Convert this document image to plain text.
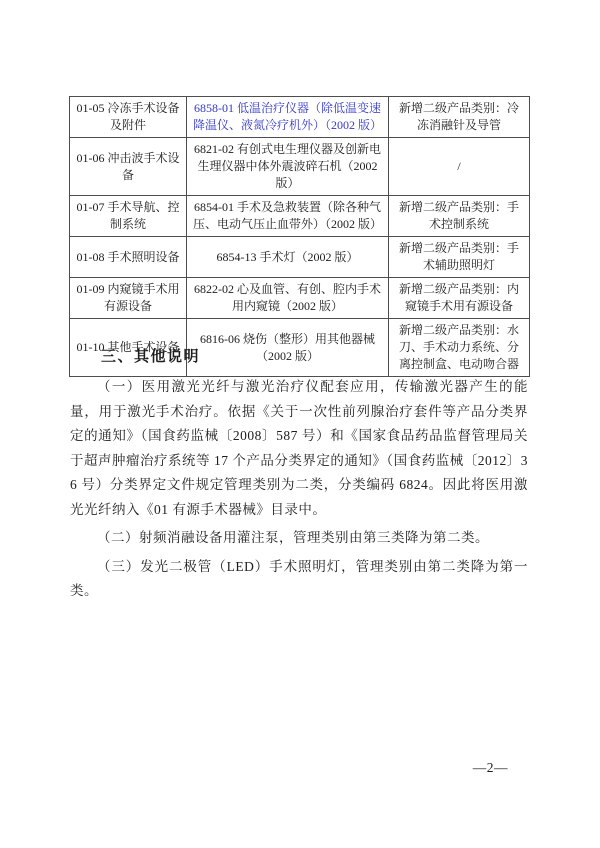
01-05 冷冻手术设备及附件	6858-01 低温治疗仪器（除低温变速降温仪、液氮冷疗机外）（2002 版）	新增二级产品类别：冷冻消融针及导管
01-06 冲击波手术设备	6821-02 有创式电生理仪器及创新电生理仪器中体外震波碎石机（2002 版）	/
01-07 手术导航、控制系统	6854-01 手术及急救装置（除各种气压、电动气压止血带外）（2002 版）	新增二级产品类别：手术控制系统
01-08 手术照明设备	6854-13 手术灯（2002 版）	新增二级产品类别：手术辅助照明灯
01-09 内窥镜手术用有源设备	6822-02 心及血管、有创、腔内手术用内窥镜（2002 版）	新增二级产品类别：内窥镜手术用有源设备
01-10 其他手术设备	6816-06 烧伤（整形）用其他器械（2002 版）	新增二级产品类别：水刀、手术动力系统、分离控制盒、电动吻合器
三、其他说明

（一）医用激光光纤与激光治疗仪配套应用，传输激光器产生的能量，用于激光手术治疗。依据《关于一次性前列腺治疗套件等产品分类界定的通知》（国食药监械〔2008〕587 号）和《国家食品药品监督管理局关于超声肿瘤治疗系统等 17 个产品分类界定的通知》（国食药监械〔2012〕36 号）分类界定文件规定管理类别为二类，分类编码 6824。因此将医用激光光纤纳入《01 有源手术器械》目录中。

（二）射频消融设备用灌注泵，管理类别由第三类降为第二类。

（三）发光二极管（LED）手术照明灯，管理类别由第二类降为第一类。

—2—
